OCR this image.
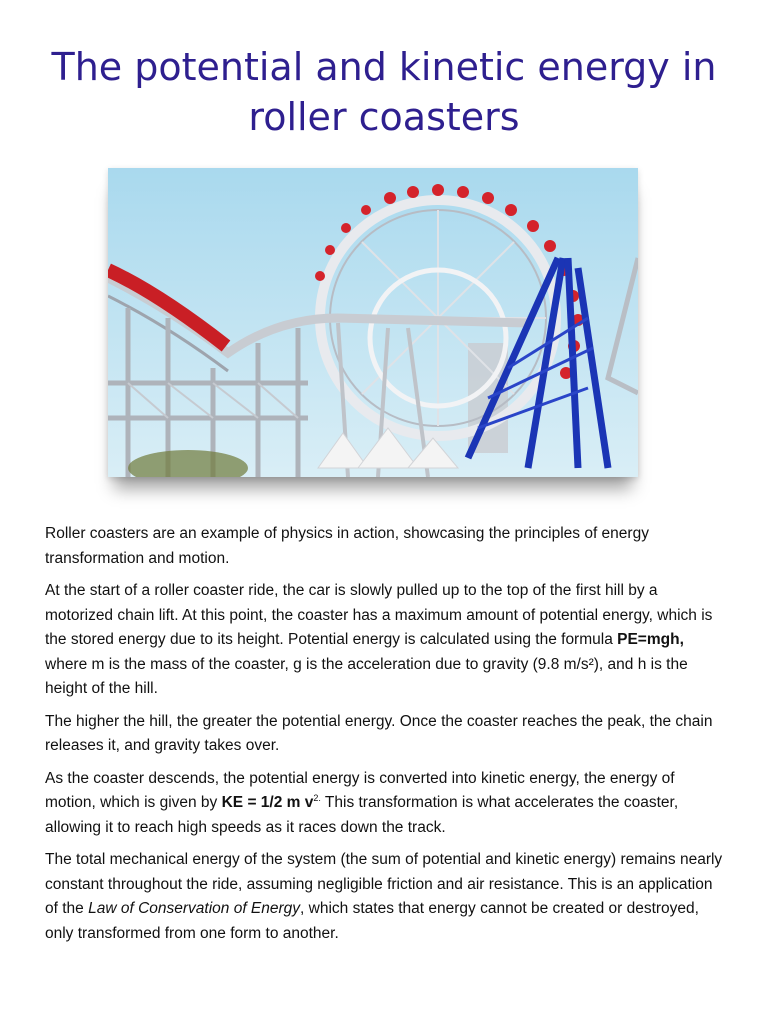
The potential and kinetic energy in
roller coasters

Roller coasters are an example of physics in action, showcasing the principles of energy transformation and motion.

At the start of a roller coaster ride, the car is slowly pulled up to the top of the first hill by a motorized chain lift. At this point, the coaster has a maximum amount of potential energy, which is the stored energy due to its height. Potential energy is calculated using the formula PE=mgh, where m is the mass of the coaster, g is the acceleration due to gravity (9.8 m/s²), and h is the height of the hill.

The higher the hill, the greater the potential energy. Once the coaster reaches the peak, the chain releases it, and gravity takes over.

As the coaster descends, the potential energy is converted into kinetic energy, the energy of motion, which is given by KE = 1/2 m $v^{2.}$ This transformation is what accelerates the coaster, allowing it to reach high speeds as it races down the track.

The total mechanical energy of the system (the sum of potential and kinetic energy) remains nearly constant throughout the ride, assuming negligible friction and air resistance. This is an application of the Law of Conservation of Energy, which states that energy cannot be created or destroyed, only transformed from one form to another.
